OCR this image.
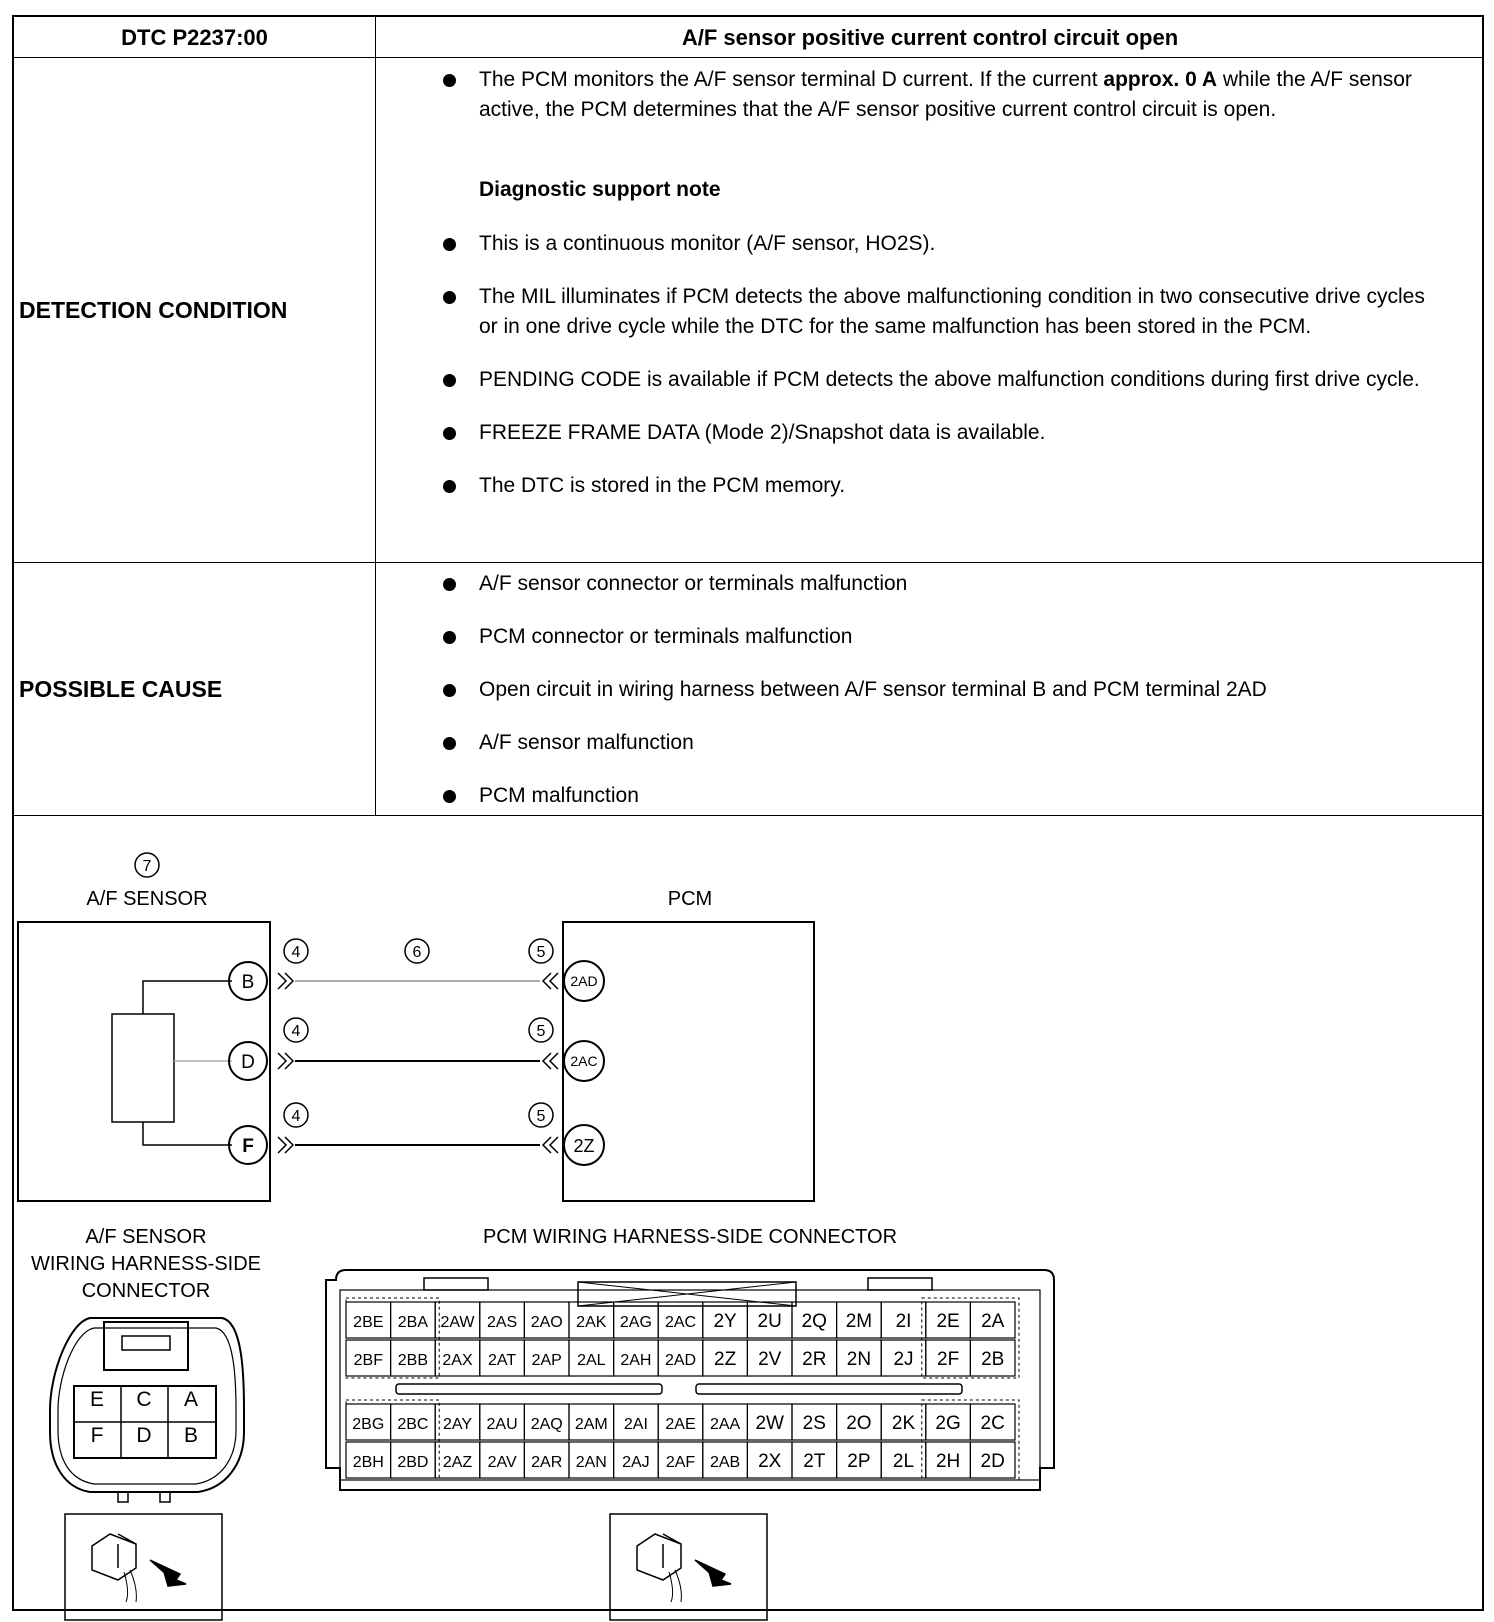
DTC P2237:00	A/F sensor positive current control circuit open
DETECTION CONDITION
The PCM monitors the A/F sensor terminal D current. If the current approx. 0 A while the A/F sensor active, the PCM determines that the A/F sensor positive current control circuit is open.
Diagnostic support note
This is a continuous monitor (A/F sensor, HO2S).
The MIL illuminates if PCM detects the above malfunctioning condition in two consecutive drive cycles or in one drive cycle while the DTC for the same malfunction has been stored in the PCM.
PENDING CODE is available if PCM detects the above malfunction conditions during first drive cycle.
FREEZE FRAME DATA (Mode 2)/Snapshot data is available.
The DTC is stored in the PCM memory.
POSSIBLE CAUSE
A/F sensor connector or terminals malfunction
PCM connector or terminals malfunction
Open circuit in wiring harness between A/F sensor terminal B and PCM terminal 2AD
A/F sensor malfunction
PCM malfunction
2BE 2BA 2AW 2AS 2AO 2AK 2AG 2AC 2Y 2U 2Q 2M 2I 2E 2A
2BF 2BB 2AX 2AT 2AP 2AL 2AH 2AD 2Z 2V 2R 2N 2J 2F 2B
2BG 2BC 2AY 2AU 2AQ 2AM 2AI 2AE 2AA 2W 2S 2O 2K 2G 2C
2BH 2BD 2AZ 2AV 2AR 2AN 2AJ 2AF 2AB 2X 2T 2P 2L 2H 2D
7
4
4
4
6	5
5
5
B
D
F
2AD
2AC
2Z
E C A
F D B
A/F SENSOR	PCM
A/F SENSOR
WIRING HARNESS-SIDE
CONNECTOR
PCM WIRING HARNESS-SIDE CONNECTOR
